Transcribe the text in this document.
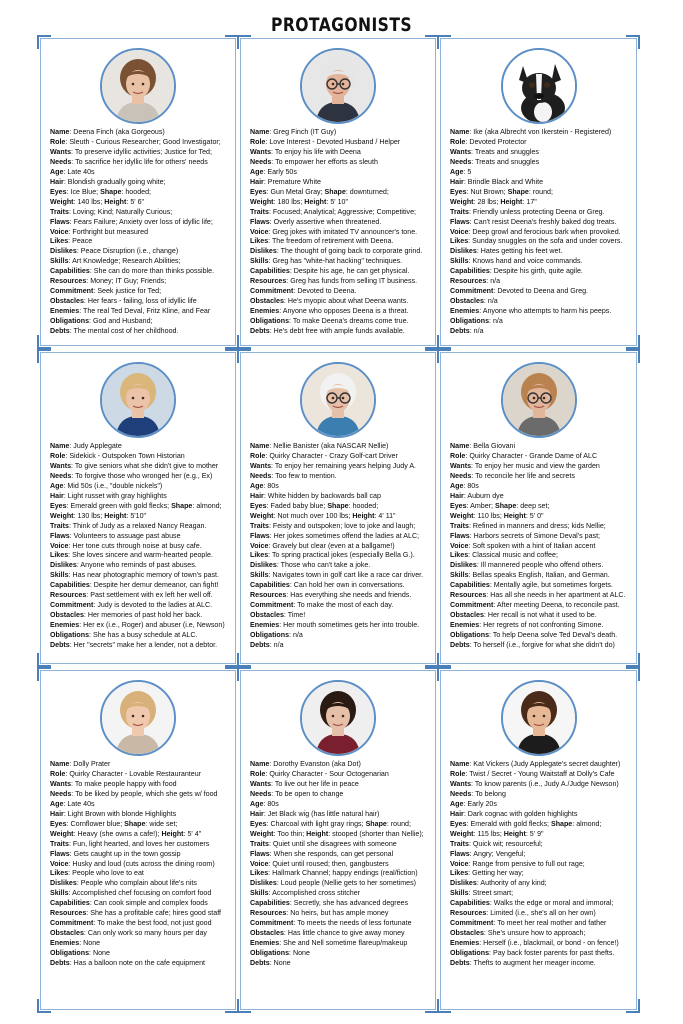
PROTAGONISTS
Name: Deena Finch (aka Gorgeous)
Role: Sleuth - Curious Researcher; Good Investigator;
Wants: To preserve idyllic activities; Justice for Ted;
Needs: To sacrifice her idyllic life for others' needs
Age: Late 40s
Hair: Blondish gradually going white;
Eyes: Ice Blue; Shape: hooded;
Weight: 140 lbs; Height: 5' 6"
Traits: Loving; Kind; Naturally Curious;
Flaws: Fears Failure; Anxiety over loss of idyllic life;
Voice: Forthright but measured
Likes: Peace
Dislikes: Peace Disruption (i.e., change)
Skills: Art Knowledge; Research Abilities;
Capabilities: She can do more than thinks possible.
Resources: Money; IT Guy; Friends;
Commitment: Seek justice for Ted;
Obstacles: Her fears - failing, loss of idyllic life
Enemies: The real Ted Deval, Fritz Kline, and Fear
Obligations: God and Husband;
Debts: The mental cost of her childhood.
Name: Greg Finch (IT Guy)
Role: Love Interest - Devoted Husband / Helper
Wants: To enjoy his life with Deena
Needs: To empower her efforts as sleuth
Age: Early 50s
Hair: Premature White
Eyes: Gun Metal Gray; Shape: downturned;
Weight: 180 lbs; Height: 5' 10"
Traits: Focused; Analytical; Aggressive; Competitive;
Flaws: Overly assertive when threatened.
Voice: Greg jokes with imitated TV announcer's tone.
Likes: The freedom of retirement with Deena.
Dislikes: The thought of going back to corporate grind.
Skills: Greg has "white-hat hacking" techniques.
Capabilities: Despite his age, he can get physical.
Resources: Greg has funds from selling IT business.
Commitment: Devoted to Deena.
Obstacles: He's myopic about what Deena wants.
Enemies: Anyone who opposes Deena is a threat.
Obligations: To make Deena's dreams come true.
Debts: He's debt free with ample funds available.
Name: Ike (aka Albrecht von Ikerstein - Registered)
Role: Devoted Protector
Wants: Treats and snuggles
Needs: Treats and snuggles
Age: 5
Hair: Brindle Black and White
Eyes: Nut Brown; Shape: round;
Weight: 28 lbs; Height: 17"
Traits: Friendly unless protecting Deena or Greg.
Flaws: Can't resist Deena's freshly baked dog treats.
Voice: Deep growl and ferocious bark when provoked.
Likes: Sunday snuggles on the sofa and under covers.
Dislikes: Hates getting his feet wet.
Skills: Knows hand and voice commands.
Capabilities: Despite his girth, quite agile.
Resources: n/a
Commitment: Devoted to Deena and Greg.
Obstacles: n/a
Enemies: Anyone who attempts to harm his peeps.
Obligations: n/a
Debts: n/a
Name: Judy Applegate
Role: Sidekick - Outspoken Town Historian
Wants: To give seniors what she didn't give to mother
Needs: To forgive those who wronged her (e.g., Ex)
Age: Mid 50s (i.e., "double nickels")
Hair: Light russet with gray highlights
Eyes: Emerald green with gold flecks; Shape: almond;
Weight: 130 lbs; Height: 5'10"
Traits: Think of Judy as a relaxed Nancy Reagan.
Flaws: Volunteers to assuage past abuse
Voice: Her tone cuts through noise at busy cafe.
Likes: She loves sincere and warm-hearted people.
Dislikes: Anyone who reminds of past abuses.
Skills: Has near photographic memory of town's past.
Capabilities: Despite her demur demeanor, can fight!
Resources: Past settlement with ex left her well off.
Commitment: Judy is devoted to the ladies at ALC.
Obstacles: Her memories of past hold her back.
Enemies: Her ex (i.e., Roger) and abuser (i.e, Newson)
Obligations: She has a busy schedule at ALC.
Debts: Her "secrets" make her a lender, not a debtor.
Name: Nellie Banister (aka NASCAR Nellie)
Role: Quirky Character - Crazy Golf-cart Driver
Wants: To enjoy her remaining years helping Judy A.
Needs: Too few to mention.
Age: 80s
Hair: White hidden by backwards ball cap
Eyes: Faded baby blue; Shape: hooded;
Weight: Not much over 100 lbs; Height: 4' 11"
Traits: Feisty and outspoken; love to joke and laugh;
Flaws: Her jokes sometimes offend the ladies at ALC;
Voice: Gravely but clear (even at a ballgame!)
Likes: To spring practical jokes (especially Bella G.).
Dislikes: Those who can't take a joke.
Skills: Navigates town in golf cart like a race car driver.
Capabilities: Can hold her own in conversations.
Resources: Has everything she needs and friends.
Commitment: To make the most of each day.
Obstacles: Time!
Enemies: Her mouth sometimes gets her into trouble.
Obligations: n/a
Debts: n/a
Name: Bella Giovani
Role: Quirky Character - Grande Dame of ALC
Wants: To enjoy her music and view the garden
Needs: To reconcile her life and secrets
Age: 80s
Hair: Auburn dye
Eyes: Amber; Shape: deep set;
Weight: 110 lbs; Height: 5' 0"
Traits: Refined in manners and dress; kids Nellie;
Flaws: Harbors secrets of Simone Deval's past;
Voice: Soft spoken with a hint of Italian accent
Likes: Classical music and coffee;
Dislikes: Ill mannered people who offend others.
Skills: Bellas speaks English, Italian, and German.
Capabilities: Mentally agile, but sometimes forgets.
Resources: Has all she needs in her apartment at ALC.
Commitment: After meeting Deena, to reconcile past.
Obstacles: Her recall is not what it used to be.
Enemies: Her regrets of not confronting Simone.
Obligations: To help Deena solve Ted Deval's death.
Debts: To herself (i.e., forgive for what she didn't do)
Name: Dolly Prater
Role: Quirky Character - Lovable Restauranteur
Wants: To make people happy with food
Needs: To be liked by people, which she gets w/ food
Age: Late 40s
Hair: Light Brown with blonde Highlights
Eyes: Cornflower blue; Shape: wide set;
Weight: Heavy (she owns a cafe!); Height: 5' 4"
Traits: Fun, light hearted, and loves her customers
Flaws: Gets caught up in the town gossip
Voice: Husky and loud (cuts across the dining room)
Likes: People who love to eat
Dislikes: People who complain about life's nits
Skills: Accomplished chef focusing on comfort food
Capabilities: Can cook simple and complex foods
Resources: She has a profitable cafe; hires good staff
Commitment: To make the best food, not just good
Obstacles: Can only work so many hours per day
Enemies: None
Obligations: None
Debts: Has a balloon note on the cafe equipment
Name: Dorothy Evanston (aka Dot)
Role: Quirky Character - Sour Octogenarian
Wants: To live out her life in peace
Needs: To be open to change
Age: 80s
Hair: Jet Black wig (has little natural hair)
Eyes: Charcoal with light gray rings; Shape: round;
Weight: Too thin; Height: stooped (shorter than Nellie);
Traits: Quiet until she disagrees with someone
Flaws: When she responds, can get personal
Voice: Quiet until roused; then, gangbusters
Likes: Hallmark Channel; happy endings (real/fiction)
Dislikes: Loud people (Nellie gets to her sometimes)
Skills: Accomplished cross stitcher
Capabilities: Secretly, she has advanced degrees
Resources: No heirs, but has ample money
Commitment: To meets the needs of less fortunate
Obstacles: Has little chance to give away money
Enemies: She and Nell sometime flareup/makeup
Obligations: None
Debts: None
Name: Kat Vickers (Judy Applegate's secret daughter)
Role: Twist / Secret - Young Waitstaff at Dolly's Cafe
Wants: To know parents (i.e., Judy A./Judge Newson)
Needs: To belong
Age: Early 20s
Hair: Dark cognac with golden highlights
Eyes: Emerald with gold flecks; Shape: almond;
Weight: 115 lbs; Height: 5' 9"
Traits: Quick wit; resourceful;
Flaws: Angry; Vengeful;
Voice: Range from pensive to full out rage;
Likes: Getting her way;
Dislikes: Authority of any kind;
Skills: Street smart;
Capabilities: Walks the edge or moral and immoral;
Resources: Limited (i.e., she's all on her own)
Commitment: To meet her real mother and father
Obstacles: She's unsure how to approach;
Enemies: Herself (i.e., blackmail, or bond - on fence!)
Obligations: Pay back foster parents for past thefts.
Debts: Thefts to augment her meager income.
